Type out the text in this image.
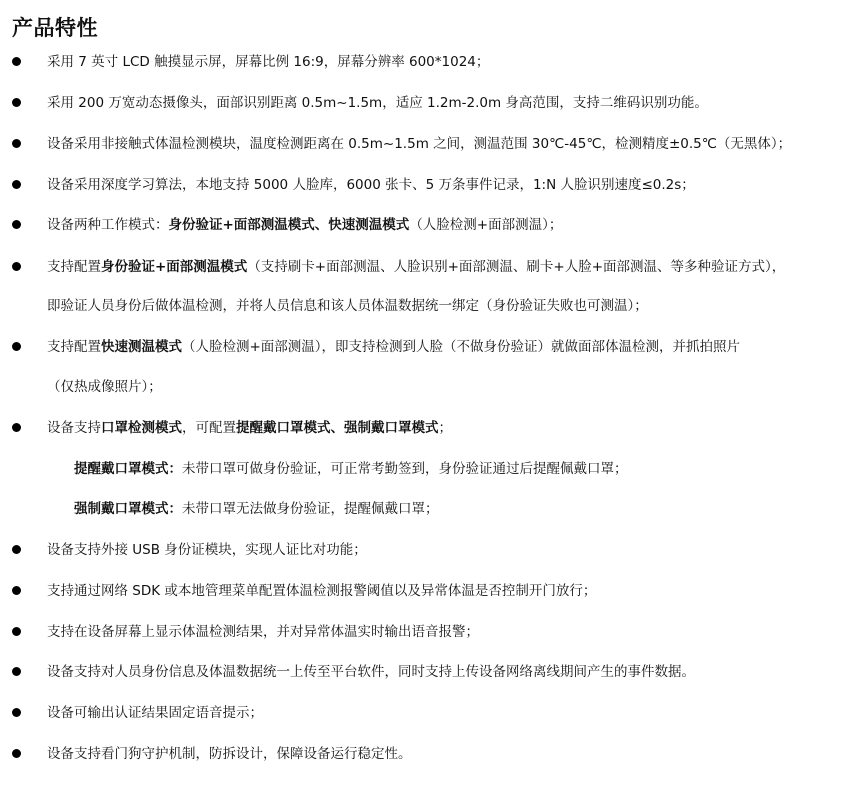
产品特性
采用 7 英寸 LCD 触摸显示屏，屏幕比例 16:9，屏幕分辨率 600*1024；
采用 200 万宽动态摄像头，面部识别距离 0.5m~1.5m，适应 1.2m-2.0m 身高范围，支持二维码识别功能。
设备采用非接触式体温检测模块，温度检测距离在 0.5m~1.5m 之间，测温范围 30℃-45℃，检测精度±0.5℃（无黑体）；
设备采用深度学习算法，本地支持 5000 人脸库，6000 张卡、5 万条事件记录，1:N 人脸识别速度≤0.2s；
设备两种工作模式：身份验证+面部测温模式、快速测温模式（人脸检测+面部测温）；
支持配置身份验证+面部测温模式（支持刷卡+面部测温、人脸识别+面部测温、刷卡+人脸+面部测温、等多种验证方式），
即验证人员身份后做体温检测，并将人员信息和该人员体温数据统一绑定（身份验证失败也可测温）；
支持配置快速测温模式（人脸检测+面部测温），即支持检测到人脸（不做身份验证）就做面部体温检测，并抓拍照片
（仅热成像照片）；
设备支持口罩检测模式，可配置提醒戴口罩模式、强制戴口罩模式；
提醒戴口罩模式：未带口罩可做身份验证，可正常考勤签到，身份验证通过后提醒佩戴口罩；
强制戴口罩模式：未带口罩无法做身份验证，提醒佩戴口罩；
设备支持外接 USB 身份证模块，实现人证比对功能；
支持通过网络 SDK 或本地管理菜单配置体温检测报警阈值以及异常体温是否控制开门放行；
支持在设备屏幕上显示体温检测结果，并对异常体温实时输出语音报警；
设备支持对人员身份信息及体温数据统一上传至平台软件，同时支持上传设备网络离线期间产生的事件数据。
设备可输出认证结果固定语音提示；
设备支持看门狗守护机制，防拆设计，保障设备运行稳定性。
